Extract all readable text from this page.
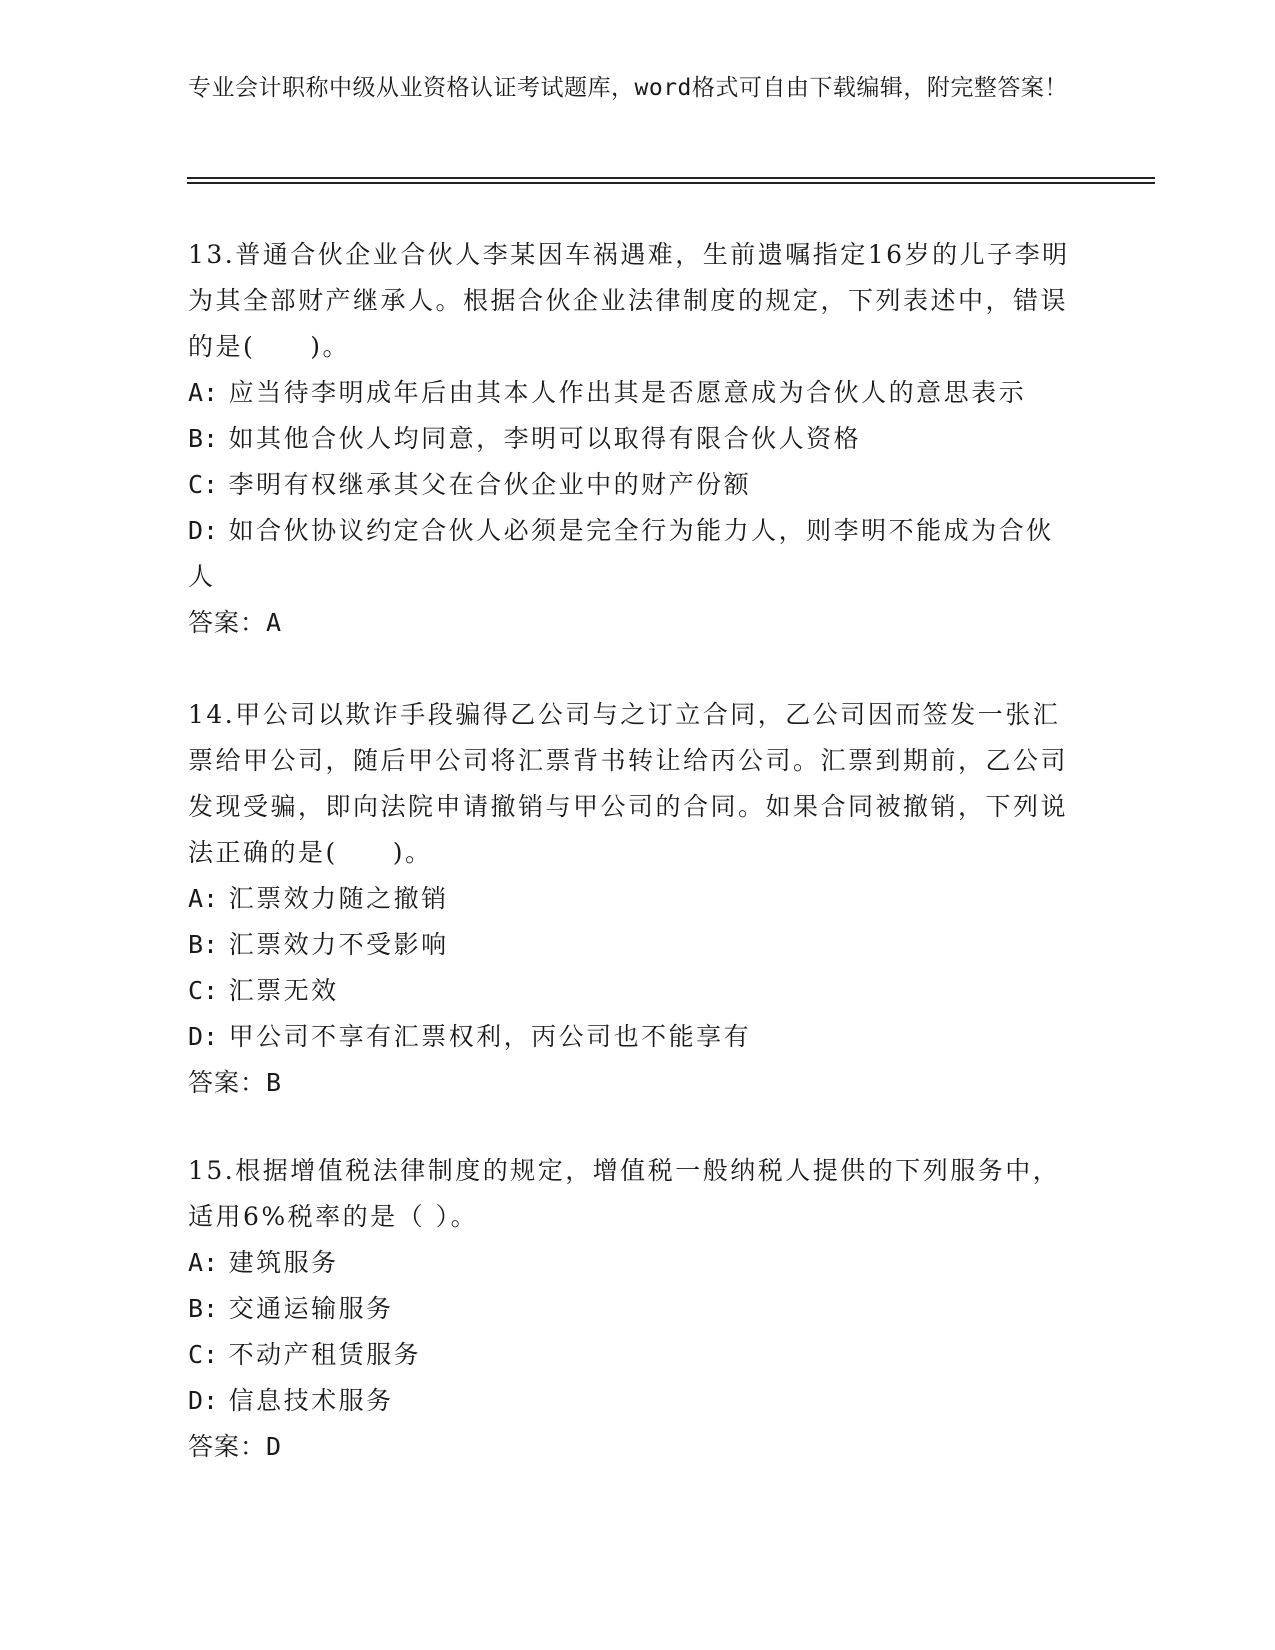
专业会计职称中级从业资格认证考试题库，word格式可自由下载编辑，附完整答案！

13.普通合伙企业合伙人李某因车祸遇难，生前遗嘱指定16岁的儿子李明为其全部财产继承人。根据合伙企业法律制度的规定，下列表述中，错误的是(　　)。

A: 应当待李明成年后由其本人作出其是否愿意成为合伙人的意思表示

B: 如其他合伙人均同意，李明可以取得有限合伙人资格

C: 李明有权继承其父在合伙企业中的财产份额

D: 如合伙协议约定合伙人必须是完全行为能力人，则李明不能成为合伙人

答案：A

14.甲公司以欺诈手段骗得乙公司与之订立合同，乙公司因而签发一张汇票给甲公司，随后甲公司将汇票背书转让给丙公司。汇票到期前，乙公司发现受骗，即向法院申请撤销与甲公司的合同。如果合同被撤销，下列说法正确的是(　　)。

A: 汇票效力随之撤销

B: 汇票效力不受影响

C: 汇票无效

D: 甲公司不享有汇票权利，丙公司也不能享有

答案：B

15.根据增值税法律制度的规定，增值税一般纳税人提供的下列服务中，适用6%税率的是（ ）。

A: 建筑服务

B: 交通运输服务

C: 不动产租赁服务

D: 信息技术服务

答案：D
